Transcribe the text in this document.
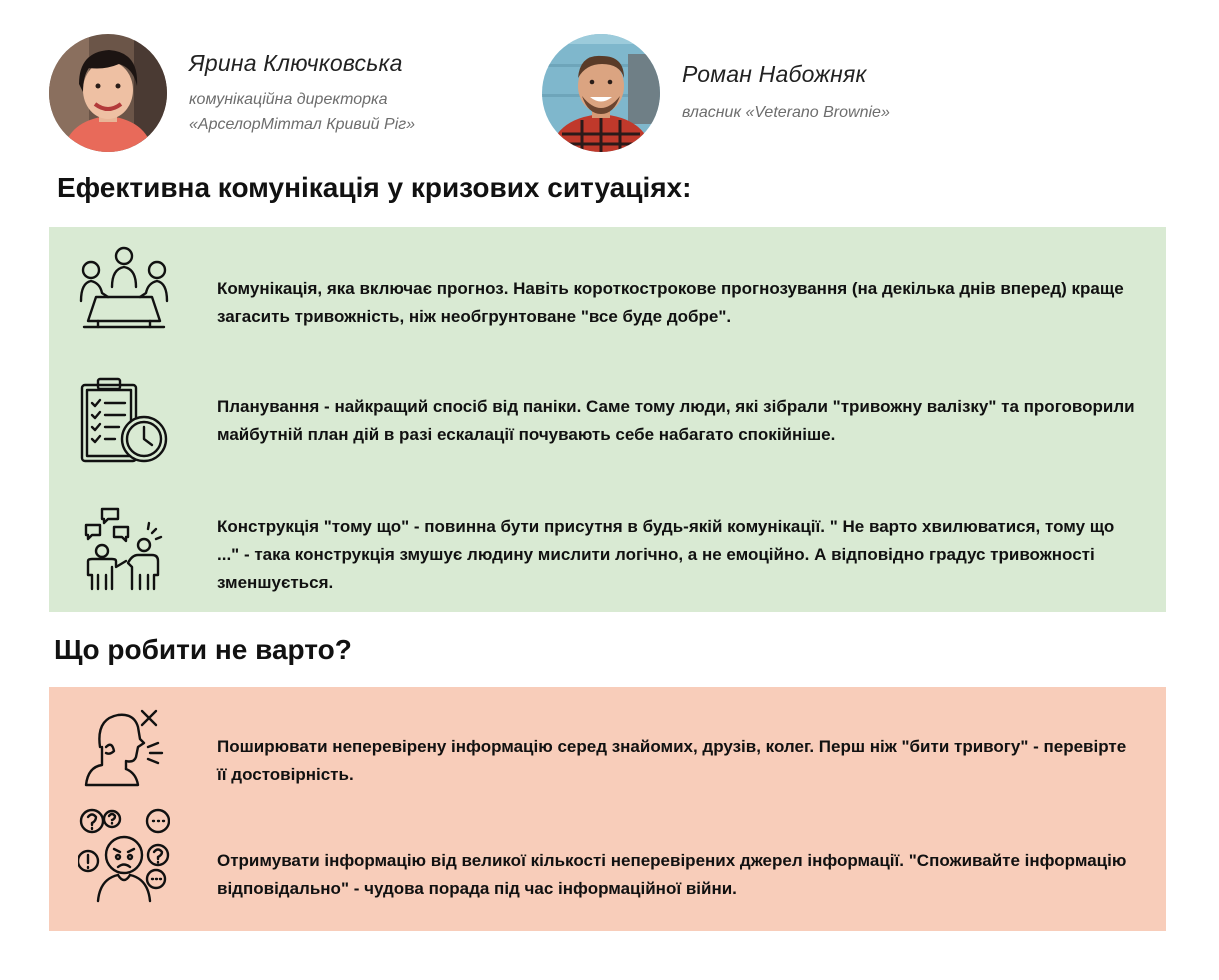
Ярина Ключковська
комунікаційна директорка
«АрселорМіттал Кривий Ріг»
Роман Набожняк
власник «Veterano Brownie»
Ефективна комунікація у кризових ситуаціях:
Комунікація, яка включає прогноз. Навіть короткострокове прогнозування (на декілька днів вперед) краще загасить тривожність, ніж необгрунтоване "все буде добре".
Планування - найкращий спосіб від паніки. Саме тому люди, які зібрали "тривожну валізку" та проговорили майбутній план дій в разі ескалації почувають себе набагато спокійніше.
Конструкція "тому що" - повинна бути присутня в будь-якій комунікації. " Не варто хвилюватися, тому що ..." - така конструкція змушує людину мислити логічно, а не емоційно. А відповідно градус тривожності зменшується.
Що робити не варто?
Поширювати неперевірену інформацію серед знайомих, друзів, колег. Перш ніж "бити тривогу" - перевірте її достовірність.
Отримувати інформацію від великої кількості неперевірених джерел інформації. "Споживайте інформацію відповідально" - чудова порада під час інформаційної війни.
